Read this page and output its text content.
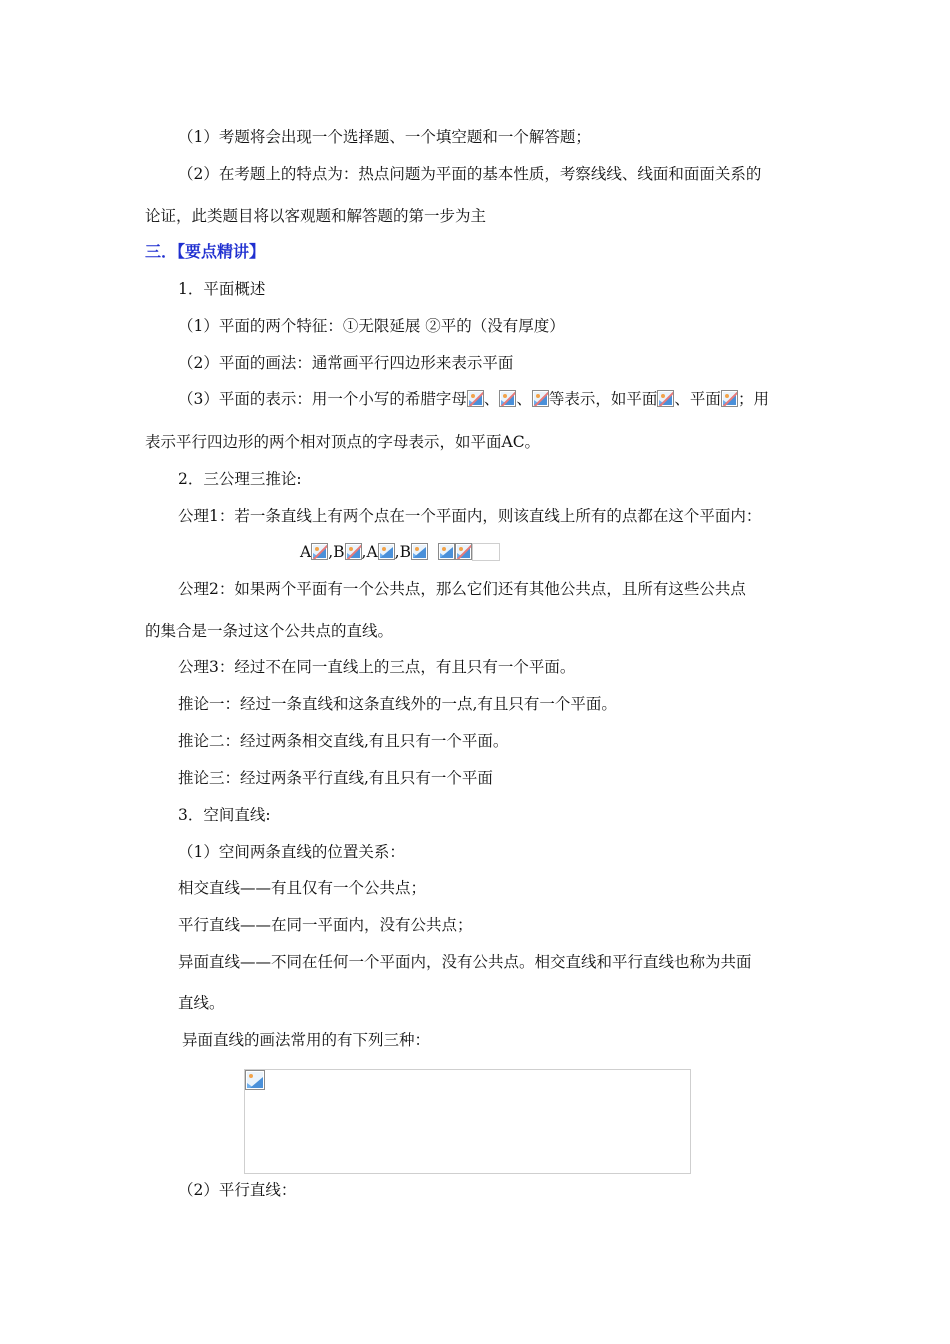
（1）考题将会出现一个选择题、一个填空题和一个解答题；
（2）在考题上的特点为：热点问题为平面的基本性质，考察线线、线面和面面关系的
论证，此类题目将以客观题和解答题的第一步为主
三．【要点精讲】
1．平面概述
（1）平面的两个特征：①无限延展 ②平的（没有厚度）
（2）平面的画法：通常画平行四边形来表示平面
（3）平面的表示：用一个小写的希腊字母 、 、 等表示，如平面 、平面 ；用
表示平行四边形的两个相对顶点的字母表示，如平面AC。
2．三公理三推论:
公理1：若一条直线上有两个点在一个平面内，则该直线上所有的点都在这个平面内：
A ,B ,A ,B

公理2：如果两个平面有一个公共点，那么它们还有其他公共点，且所有这些公共点
的集合是一条过这个公共点的直线。
公理3：经过不在同一直线上的三点，有且只有一个平面。
推论一：经过一条直线和这条直线外的一点,有且只有一个平面。
推论二：经过两条相交直线,有且只有一个平面。
推论三：经过两条平行直线,有且只有一个平面
3．空间直线:
（1）空间两条直线的位置关系：
相交直线——有且仅有一个公共点；
平行直线——在同一平面内，没有公共点；
异面直线——不同在任何一个平面内，没有公共点。相交直线和平行直线也称为共面
直线。
异面直线的画法常用的有下列三种：
（2）平行直线：
